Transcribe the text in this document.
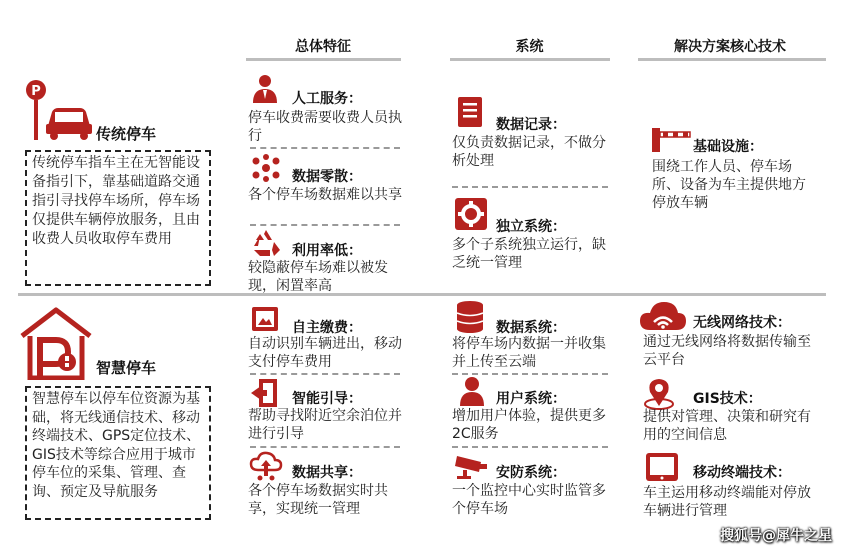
总体特征	系统	解决方案核心技术
P
传统停车
传统停车指车主在无智能设备指引下，靠基础道路交通指引寻找停车场所，停车场仅提供车辆停放服务，且由收费人员收取停车费用
人工服务：
停车收费需要收费人员执行
数据零散：
各个停车场数据难以共享
利用率低：
较隐蔽停车场难以被发现，闲置率高
数据记录：
仅负责数据记录，不做分析处理
独立系统：
多个子系统独立运行，缺乏统一管理
基础设施：
围绕工作人员、停车场所、设备为车主提供地方停放车辆
智慧停车
智慧停车以停车位资源为基础，将无线通信技术、移动终端技术、GPS定位技术、GIS技术等综合应用于城市停车位的采集、管理、查询、预定及导航服务
自主缴费：
自动识别车辆进出，移动支付停车费用
智能引导：
帮助寻找附近空余泊位并进行引导
数据共享：
各个停车场数据实时共享，实现统一管理
数据系统：
将停车场内数据一并收集并上传至云端
用户系统：
增加用户体验，提供更多2C服务
安防系统：
一个监控中心实时监管多个停车场
无线网络技术：
通过无线网络将数据传输至云平台
GIS技术：
提供对管理、决策和研究有用的空间信息
移动终端技术：
车主运用移动终端能对停放车辆进行管理
搜狐号@犀牛之星
